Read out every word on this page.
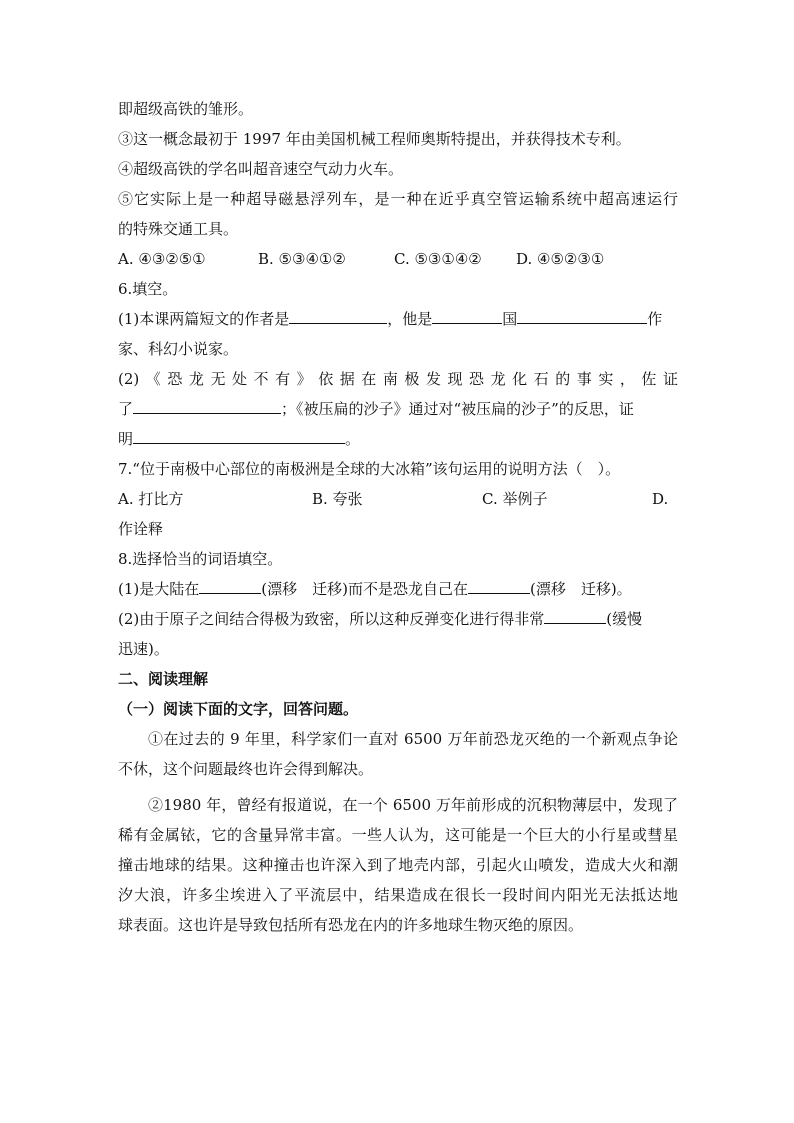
即超级高铁的雏形。
③这一概念最初于 1997 年由美国机械工程师奥斯特提出，并获得技术专利。
④超级高铁的学名叫超音速空气动力火车。
⑤它实际上是一种超导磁悬浮列车，是一种在近乎真空管运输系统中超高速运行
的特殊交通工具。
A. ④③②⑤①	B. ⑤③④①②	C. ⑤③①④② D. ④⑤②③①
6.填空。
(1)本课两篇短文的作者是	，他是	国	作
家、科幻小说家。
(2)《恐龙无处不有》依据在南极发现恐龙化石的事实，佐证
了	；《被压扁的沙子》通过对“被压扁的沙子”的反思，证
明	。
7.“位于南极中心部位的南极洲是全球的大冰箱”该句运用的说明方法（　）。
A. 打比方	B. 夸张	C. 举例子	D.
作诠释
8.选择恰当的词语填空。
(1)是大陆在	(漂移　迁移)而不是恐龙自己在	(漂移　迁移)。
(2)由于原子之间结合得极为致密，所以这种反弹变化进行得非常	(缓慢
迅速)。
二、阅读理解
（一）阅读下面的文字，回答问题。
①在过去的 9 年里，科学家们一直对 6500 万年前恐龙灭绝的一个新观点争论
不休，这个问题最终也许会得到解决。
②1980 年，曾经有报道说，在一个 6500 万年前形成的沉积物薄层中，发现了
稀有金属铱，它的含量异常丰富。一些人认为，这可能是一个巨大的小行星或彗星
撞击地球的结果。这种撞击也许深入到了地壳内部，引起火山喷发，造成大火和潮
汐大浪，许多尘埃进入了平流层中，结果造成在很长一段时间内阳光无法抵达地
球表面。这也许是导致包括所有恐龙在内的许多地球生物灭绝的原因。
